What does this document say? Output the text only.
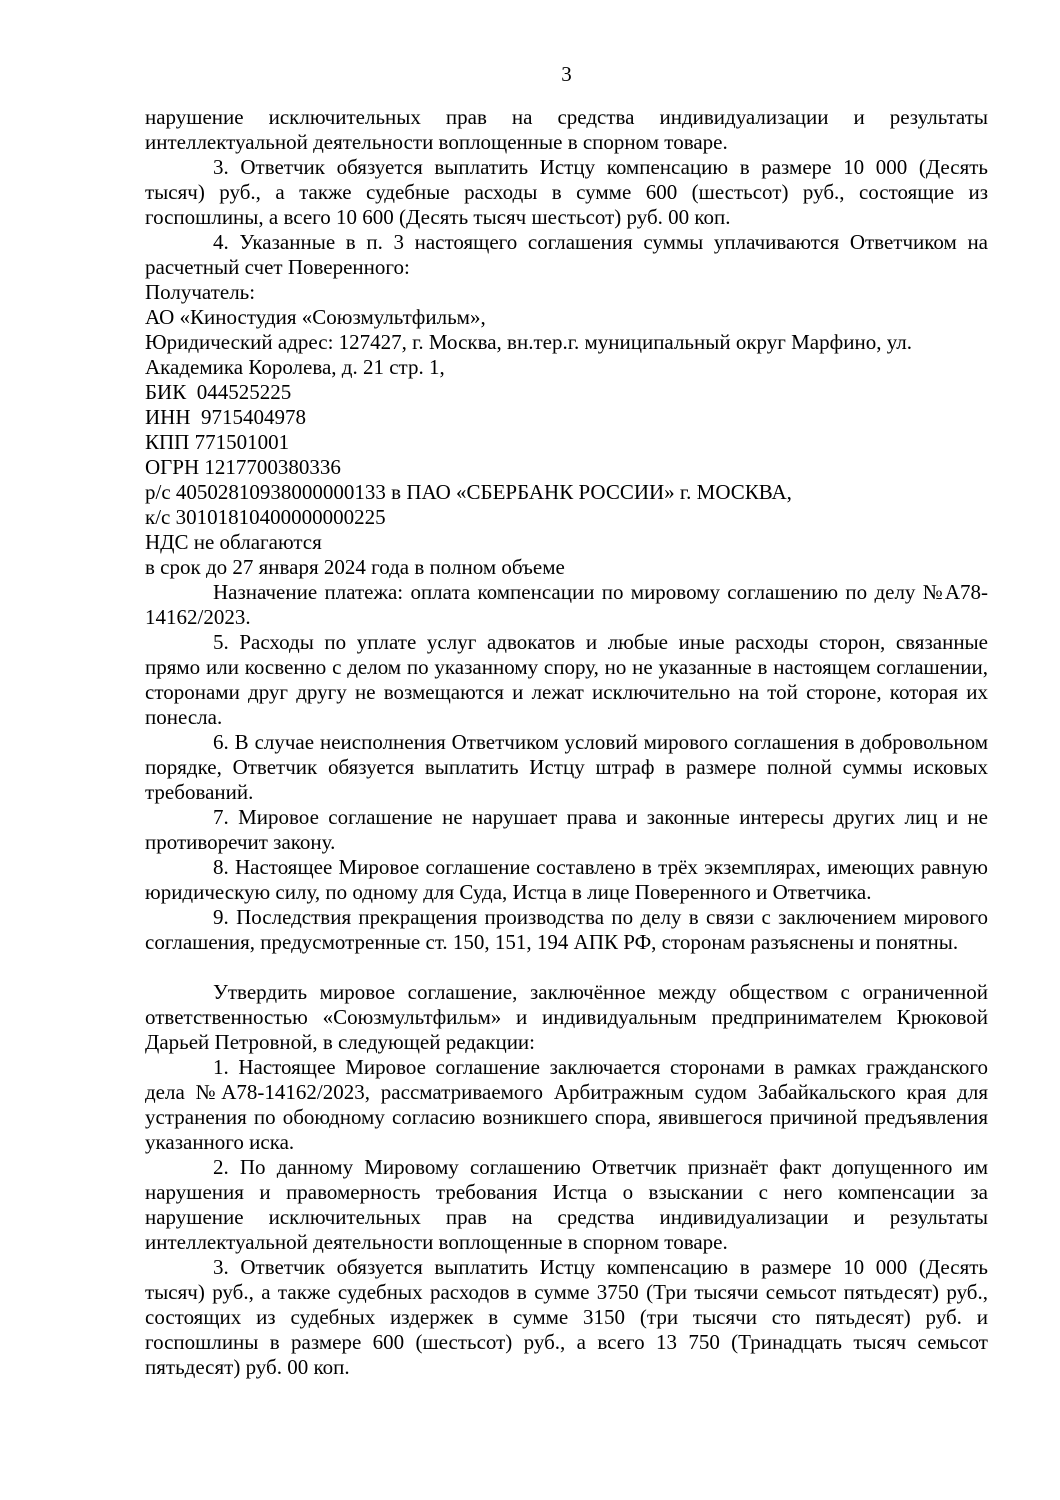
3

нарушение исключительных прав на средства индивидуализации и результаты интеллектуальной деятельности воплощенные в спорном товаре.

3. Ответчик обязуется выплатить Истцу компенсацию в размере 10 000 (Десять тысяч) руб., а также судебные расходы в сумме 600 (шестьсот) руб., состоящие из госпошлины, а всего 10 600 (Десять тысяч шестьсот) руб. 00 коп.

4. Указанные в п. 3 настоящего соглашения суммы уплачиваются Ответчиком на расчетный счет Поверенного:

Получатель:

АО «Киностудия «Союзмультфильм»,

Юридический адрес: 127427, г. Москва, вн.тер.г. муниципальный округ Марфино, ул. Академика Королева, д. 21 стр. 1,

БИК  044525225

ИНН  9715404978

КПП 771501001

ОГРН 1217700380336

р/с 40502810938000000133 в ПАО «СБЕРБАНК РОССИИ» г. МОСКВА,

к/с 30101810400000000225

НДС не облагаются

в срок до 27 января 2024 года в полном объеме

Назначение платежа: оплата компенсации по мировому соглашению по делу №А78-14162/2023.

5. Расходы по уплате услуг адвокатов и любые иные расходы сторон, связанные прямо или косвенно с делом по указанному спору, но не указанные в настоящем соглашении, сторонами друг другу не возмещаются и лежат исключительно на той стороне, которая их понесла.

6. В случае неисполнения Ответчиком условий мирового соглашения в добровольном порядке, Ответчик обязуется выплатить Истцу штраф в размере полной суммы исковых требований.

7. Мировое соглашение не нарушает права и законные интересы других лиц и не противоречит закону.

8. Настоящее Мировое соглашение составлено в трёх экземплярах, имеющих равную юридическую силу, по одному для Суда, Истца в лице Поверенного и Ответчика.

9. Последствия прекращения производства по делу в связи с заключением мирового соглашения, предусмотренные ст. 150, 151, 194 АПК РФ, сторонам разъяснены и понятны.

Утвердить мировое соглашение, заключённое между обществом с ограниченной ответственностью «Союзмультфильм» и индивидуальным предпринимателем Крюковой Дарьей Петровной, в следующей редакции:

1. Настоящее Мировое соглашение заключается сторонами в рамках гражданского дела №А78-14162/2023, рассматриваемого Арбитражным судом Забайкальского края для устранения по обоюдному согласию возникшего спора, явившегося причиной предъявления указанного иска.

2. По данному Мировому соглашению Ответчик признаёт факт допущенного им нарушения и правомерность требования Истца о взыскании с него компенсации за нарушение исключительных прав на средства индивидуализации и результаты интеллектуальной деятельности воплощенные в спорном товаре.

3. Ответчик обязуется выплатить Истцу компенсацию в размере 10 000 (Десять тысяч) руб., а также судебных расходов в сумме 3750 (Три тысячи семьсот пятьдесят) руб., состоящих из судебных издержек в сумме 3150 (три тысячи сто пятьдесят) руб. и госпошлины в размере 600 (шестьсот) руб., а всего 13 750 (Тринадцать тысяч семьсот пятьдесят) руб. 00 коп.
